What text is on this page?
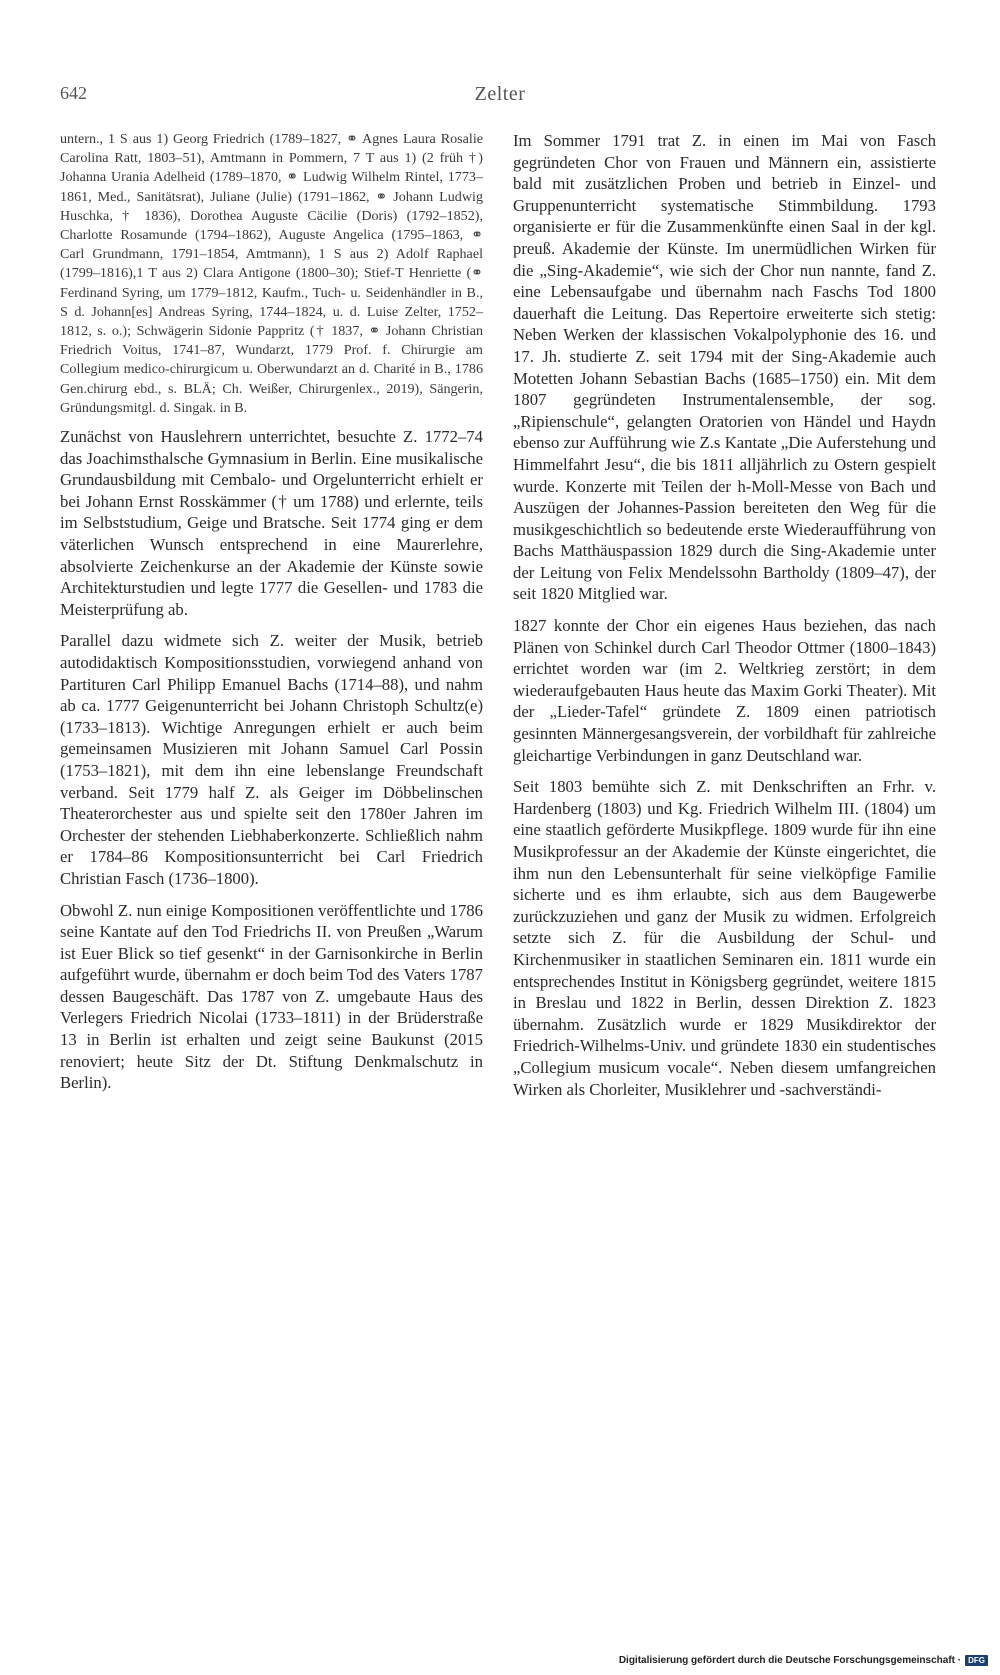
642	Zelter

untern., 1 S aus 1) Georg Friedrich (1789–1827, ⚭ Agnes Laura Rosalie Carolina Ratt, 1803–51), Amtmann in Pommern, 7 T aus 1) (2 früh †) Johanna Urania Adelheid (1789–1870, ⚭ Ludwig Wilhelm Rintel, 1773–1861, Med., Sanitätsrat), Juliane (Julie) (1791–1862, ⚭ Johann Ludwig Huschka, † 1836), Dorothea Auguste Cäcilie (Doris) (1792–1852), Charlotte Rosamunde (1794–1862), Auguste Angelica (1795–1863, ⚭ Carl Grundmann, 1791–1854, Amtmann), 1 S aus 2) Adolf Raphael (1799–1816),1 T aus 2) Clara Antigone (1800–30); Stief-T Henriette (⚭ Ferdinand Syring, um 1779–1812, Kaufm., Tuch- u. Seidenhändler in B., S d. Johann[es] Andreas Syring, 1744–1824, u. d. Luise Zelter, 1752–1812, s. o.); Schwägerin Sidonie Pappritz († 1837, ⚭ Johann Christian Friedrich Voitus, 1741–87, Wundarzt, 1779 Prof. f. Chirurgie am Collegium medico-chirurgicum u. Oberwundarzt an d. Charité in B., 1786 Gen.chirurg ebd., s. BLÄ; Ch. Weißer, Chirurgenlex., 2019), Sängerin, Gründungsmitgl. d. Singak. in B.

Zunächst von Hauslehrern unterrichtet, besuchte Z. 1772–74 das Joachimsthalsche Gymnasium in Berlin. Eine musikalische Grundausbildung mit Cembalo- und Orgelunterricht erhielt er bei Johann Ernst Rosskämmer († um 1788) und erlernte, teils im Selbststudium, Geige und Bratsche. Seit 1774 ging er dem väterlichen Wunsch entsprechend in eine Maurerlehre, absolvierte Zeichenkurse an der Akademie der Künste sowie Architekturstudien und legte 1777 die Gesellen- und 1783 die Meisterprüfung ab.

Parallel dazu widmete sich Z. weiter der Musik, betrieb autodidaktisch Kompositionsstudien, vorwiegend anhand von Partituren Carl Philipp Emanuel Bachs (1714–88), und nahm ab ca. 1777 Geigenunterricht bei Johann Christoph Schultz(e) (1733–1813). Wichtige Anregungen erhielt er auch beim gemeinsamen Musizieren mit Johann Samuel Carl Possin (1753–1821), mit dem ihn eine lebenslange Freundschaft verband. Seit 1779 half Z. als Geiger im Döbbelinschen Theaterorchester aus und spielte seit den 1780er Jahren im Orchester der stehenden Liebhaberkonzerte. Schließlich nahm er 1784–86 Kompositionsunterricht bei Carl Friedrich Christian Fasch (1736–1800).

Obwohl Z. nun einige Kompositionen veröffentlichte und 1786 seine Kantate auf den Tod Friedrichs II. von Preußen „Warum ist Euer Blick so tief gesenkt“ in der Garnisonkirche in Berlin aufgeführt wurde, übernahm er doch beim Tod des Vaters 1787 dessen Baugeschäft. Das 1787 von Z. umgebaute Haus des Verlegers Friedrich Nicolai (1733–1811) in der Brüderstraße 13 in Berlin ist erhalten und zeigt seine Baukunst (2015 renoviert; heute Sitz der Dt. Stiftung Denkmalschutz in Berlin).

Im Sommer 1791 trat Z. in einen im Mai von Fasch gegründeten Chor von Frauen und Männern ein, assistierte bald mit zusätzlichen Proben und betrieb in Einzel- und Gruppenunterricht systematische Stimmbildung. 1793 organisierte er für die Zusammenkünfte einen Saal in der kgl. preuß. Akademie der Künste. Im unermüdlichen Wirken für die „Sing-Akademie“, wie sich der Chor nun nannte, fand Z. eine Lebensaufgabe und übernahm nach Faschs Tod 1800 dauerhaft die Leitung. Das Repertoire erweiterte sich stetig: Neben Werken der klassischen Vokalpolyphonie des 16. und 17. Jh. studierte Z. seit 1794 mit der Sing-Akademie auch Motetten Johann Sebastian Bachs (1685–1750) ein. Mit dem 1807 gegründeten Instrumentalensemble, der sog. „Ripienschule“, gelangten Oratorien von Händel und Haydn ebenso zur Aufführung wie Z.s Kantate „Die Auferstehung und Himmelfahrt Jesu“, die bis 1811 alljährlich zu Ostern gespielt wurde. Konzerte mit Teilen der h-Moll-Messe von Bach und Auszügen der Johannes-Passion bereiteten den Weg für die musikgeschichtlich so bedeutende erste Wiederaufführung von Bachs Matthäuspassion 1829 durch die Sing-Akademie unter der Leitung von Felix Mendelssohn Bartholdy (1809–47), der seit 1820 Mitglied war.

1827 konnte der Chor ein eigenes Haus beziehen, das nach Plänen von Schinkel durch Carl Theodor Ottmer (1800–1843) errichtet worden war (im 2. Weltkrieg zerstört; in dem wiederaufgebauten Haus heute das Maxim Gorki Theater). Mit der „Lieder-Tafel“ gründete Z. 1809 einen patriotisch gesinnten Männergesangsverein, der vorbildhaft für zahlreiche gleichartige Verbindungen in ganz Deutschland war.

Seit 1803 bemühte sich Z. mit Denkschriften an Frhr. v. Hardenberg (1803) und Kg. Friedrich Wilhelm III. (1804) um eine staatlich geförderte Musikpflege. 1809 wurde für ihn eine Musikprofessur an der Akademie der Künste eingerichtet, die ihm nun den Lebensunterhalt für seine vielköpfige Familie sicherte und es ihm erlaubte, sich aus dem Baugewerbe zurückzuziehen und ganz der Musik zu widmen. Erfolgreich setzte sich Z. für die Ausbildung der Schul- und Kirchenmusiker in staatlichen Seminaren ein. 1811 wurde ein entsprechendes Institut in Königsberg gegründet, weitere 1815 in Breslau und 1822 in Berlin, dessen Direktion Z. 1823 übernahm. Zusätzlich wurde er 1829 Musikdirektor der Friedrich-Wilhelms-Univ. und gründete 1830 ein studentisches „Collegium musicum vocale“. Neben diesem umfangreichen Wirken als Chorleiter, Musiklehrer und -sachverständi-

Digitalisierung gefördert durch die Deutsche Forschungsgemeinschaft · DFG
